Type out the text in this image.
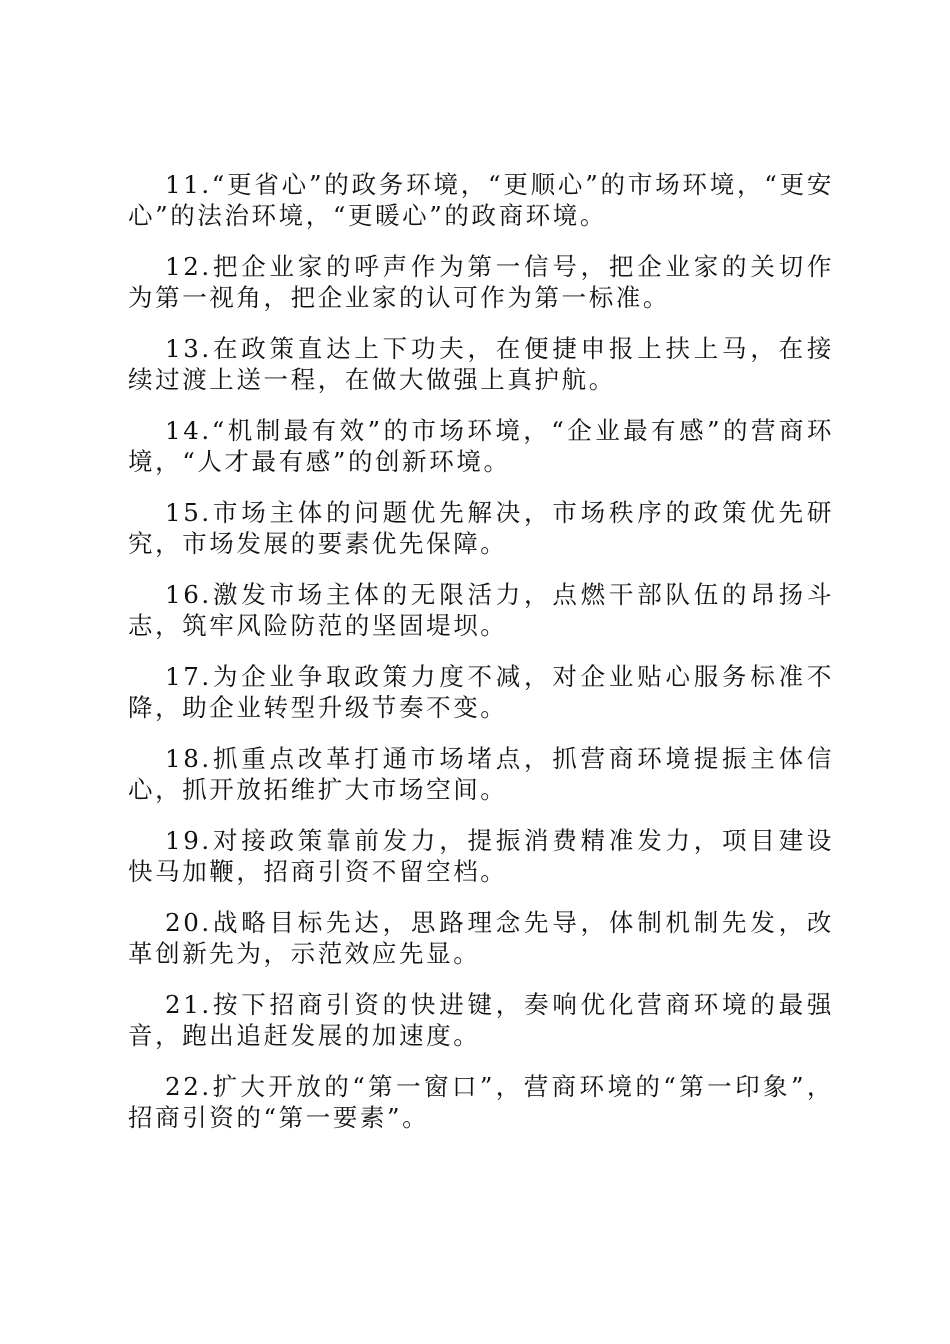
11.“更省心”的政务环境，“更顺心”的市场环境，“更安心”的法治环境，“更暖心”的政商环境。

12.把企业家的呼声作为第一信号，把企业家的关切作为第一视角，把企业家的认可作为第一标准。

13.在政策直达上下功夫，在便捷申报上扶上马，在接续过渡上送一程，在做大做强上真护航。

14.“机制最有效”的市场环境，“企业最有感”的营商环境，“人才最有感”的创新环境。

15.市场主体的问题优先解决，市场秩序的政策优先研究，市场发展的要素优先保障。

16.激发市场主体的无限活力，点燃干部队伍的昂扬斗志，筑牢风险防范的坚固堤坝。

17.为企业争取政策力度不减，对企业贴心服务标准不降，助企业转型升级节奏不变。

18.抓重点改革打通市场堵点，抓营商环境提振主体信心，抓开放拓维扩大市场空间。

19.对接政策靠前发力，提振消费精准发力，项目建设快马加鞭，招商引资不留空档。

20.战略目标先达，思路理念先导，体制机制先发，改革创新先为，示范效应先显。

21.按下招商引资的快进键，奏响优化营商环境的最强音，跑出追赶发展的加速度。

22.扩大开放的“第一窗口”，营商环境的“第一印象”，招商引资的“第一要素”。
